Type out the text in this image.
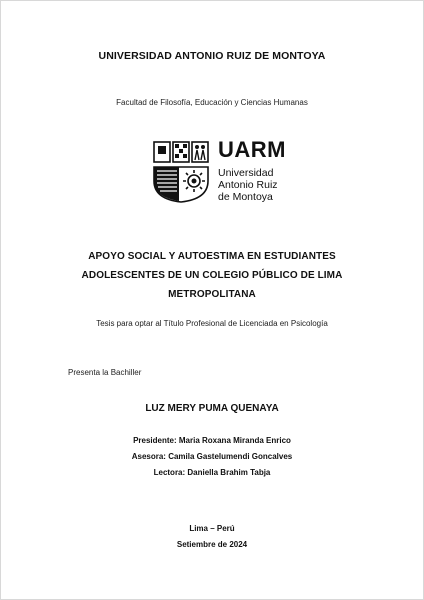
UNIVERSIDAD ANTONIO RUIZ DE MONTOYA
Facultad de Filosofía, Educación y Ciencias Humanas
UARM
Universidad
Antonio Ruiz
de Montoya
APOYO SOCIAL Y AUTOESTIMA EN ESTUDIANTES
ADOLESCENTES DE UN COLEGIO PÚBLICO DE LIMA
METROPOLITANA
Tesis para optar al Título Profesional de Licenciada en Psicología
Presenta la Bachiller
LUZ MERY PUMA QUENAYA
Presidente: Maria Roxana Miranda Enrico
Asesora: Camila Gastelumendi Goncalves
Lectora: Daniella Brahim Tabja
Lima – Perú
Setiembre de 2024
